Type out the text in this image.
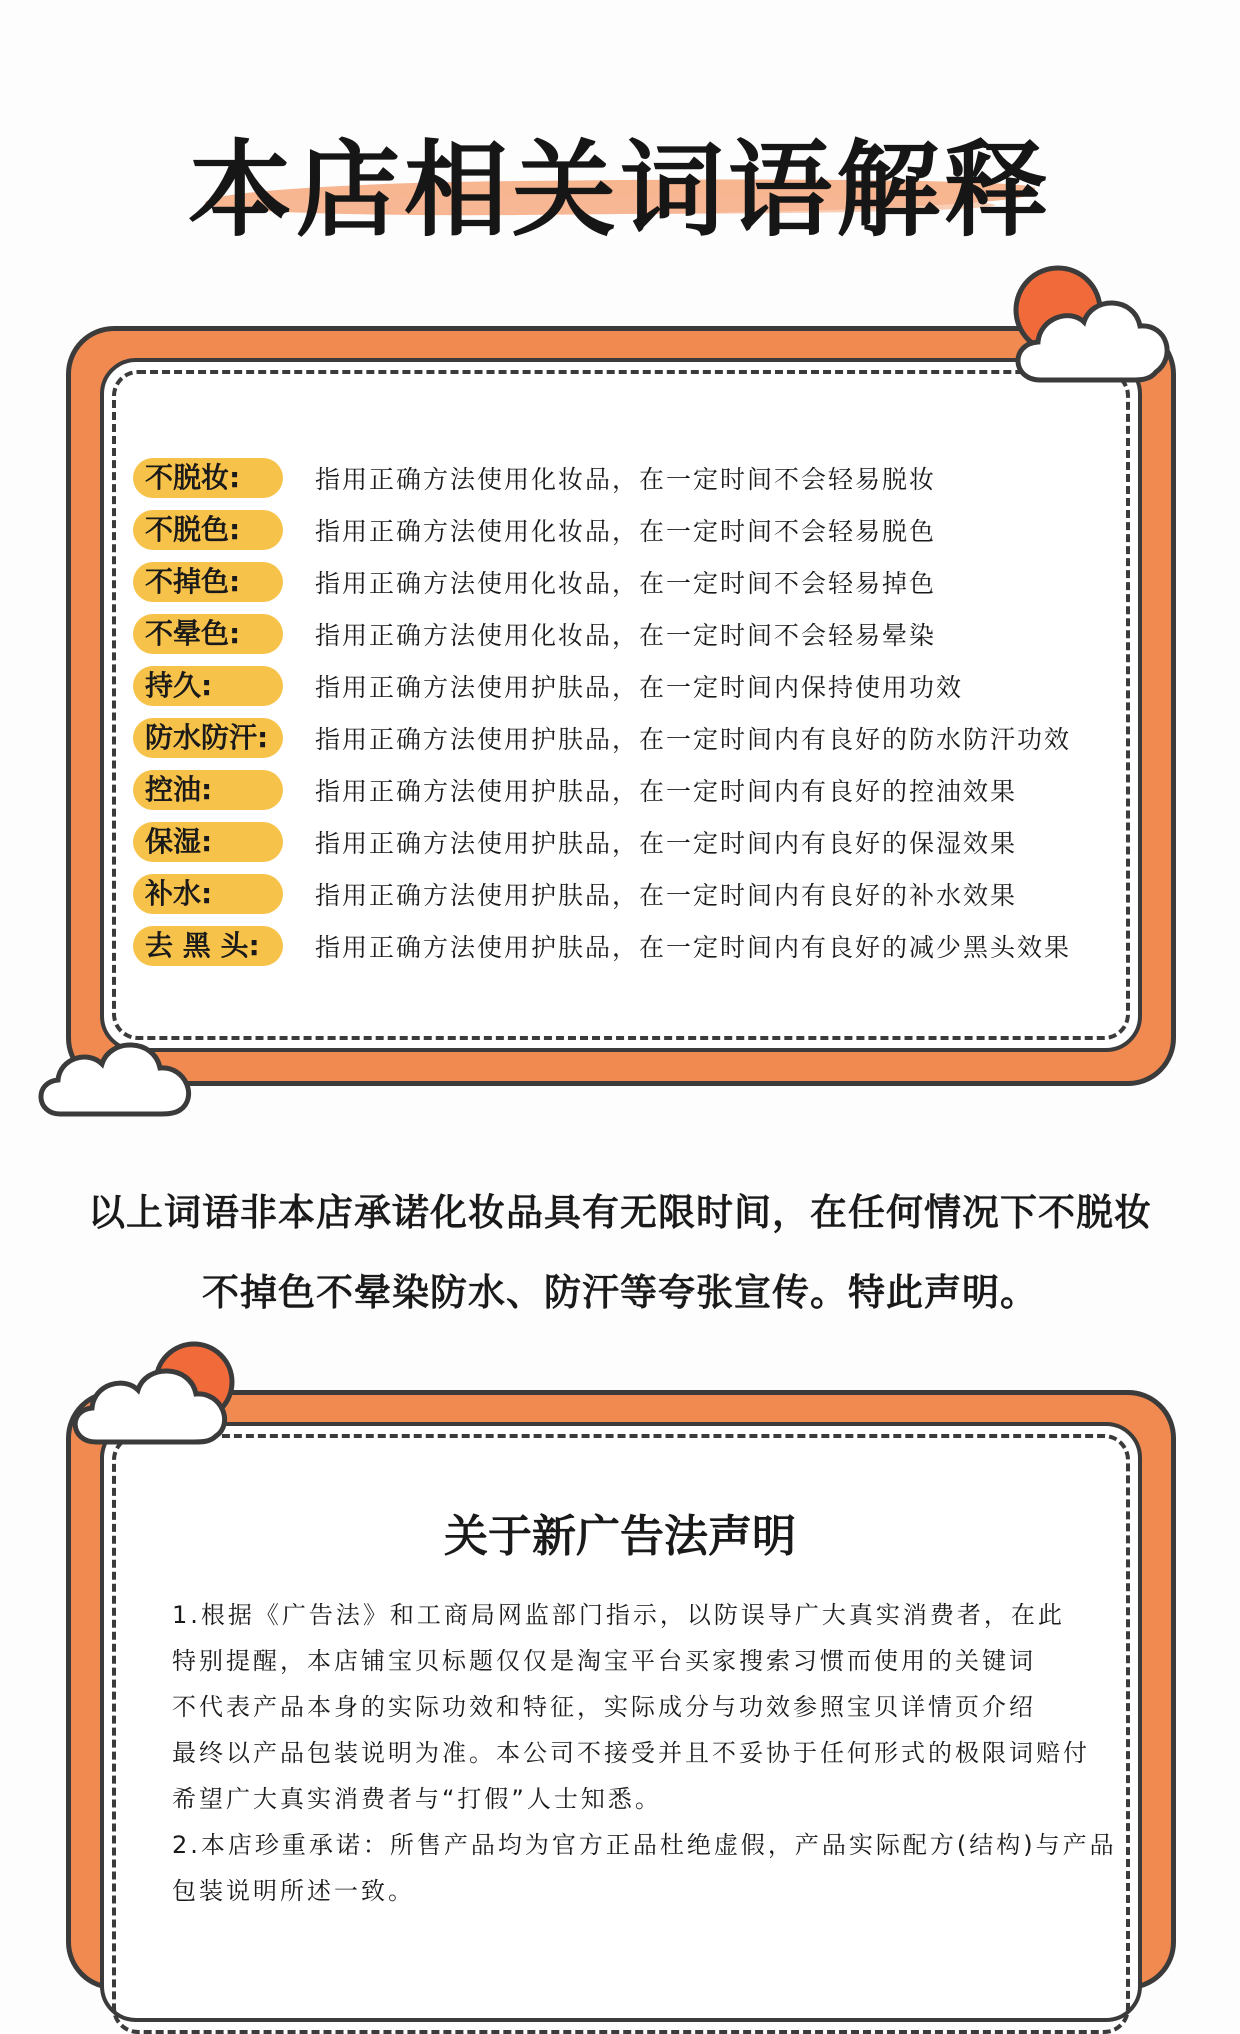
本店相关词语解释
不脱妆:	指用正确方法使用化妆品，在一定时间不会轻易脱妆
不脱色:	指用正确方法使用化妆品，在一定时间不会轻易脱色
不掉色:	指用正确方法使用化妆品，在一定时间不会轻易掉色
不晕色:	指用正确方法使用化妆品，在一定时间不会轻易晕染
持久:	指用正确方法使用护肤品，在一定时间内保持使用功效
防水防汗:	指用正确方法使用护肤品，在一定时间内有良好的防水防汗功效
控油:	指用正确方法使用护肤品，在一定时间内有良好的控油效果
保湿:	指用正确方法使用护肤品，在一定时间内有良好的保湿效果
补水:	指用正确方法使用护肤品，在一定时间内有良好的补水效果
去 黑 头:	指用正确方法使用护肤品，在一定时间内有良好的减少黑头效果
以上词语非本店承诺化妆品具有无限时间，在任何情况下不脱妆
不掉色不晕染防水、防汗等夸张宣传。特此声明。
关于新广告法声明
1.根据《广告法》和工商局网监部门指示，以防误导广大真实消费者，在此
特别提醒，本店铺宝贝标题仅仅是淘宝平台买家搜索习惯而使用的关键词
不代表产品本身的实际功效和特征，实际成分与功效参照宝贝详情页介绍
最终以产品包装说明为准。本公司不接受并且不妥协于任何形式的极限词赔付
希望广大真实消费者与“打假”人士知悉。
2.本店珍重承诺：所售产品均为官方正品杜绝虚假，产品实际配方(结构)与产品
包装说明所述一致。
